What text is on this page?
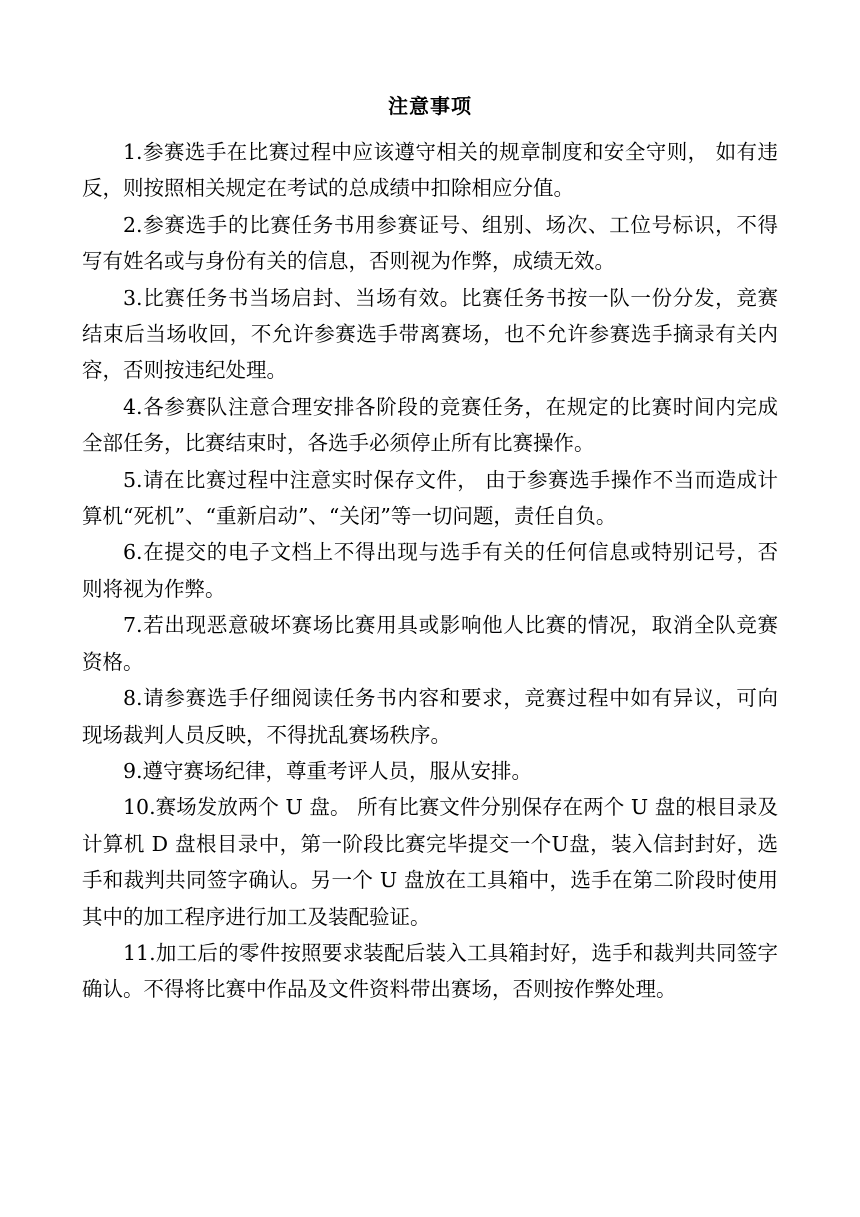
注意事项

1.参赛选手在比赛过程中应该遵守相关的规章制度和安全守则， 如有违反，则按照相关规定在考试的总成绩中扣除相应分值。

2.参赛选手的比赛任务书用参赛证号、组别、场次、工位号标识，不得写有姓名或与身份有关的信息，否则视为作弊，成绩无效。

3.比赛任务书当场启封、当场有效。比赛任务书按一队一份分发，竞赛结束后当场收回，不允许参赛选手带离赛场，也不允许参赛选手摘录有关内容，否则按违纪处理。

4.各参赛队注意合理安排各阶段的竞赛任务，在规定的比赛时间内完成全部任务，比赛结束时，各选手必须停止所有比赛操作。

5.请在比赛过程中注意实时保存文件， 由于参赛选手操作不当而造成计算机“死机”、“重新启动”、“关闭”等一切问题，责任自负。

6.在提交的电子文档上不得出现与选手有关的任何信息或特别记号，否则将视为作弊。

7.若出现恶意破坏赛场比赛用具或影响他人比赛的情况，取消全队竞赛资格。

8.请参赛选手仔细阅读任务书内容和要求，竞赛过程中如有异议，可向现场裁判人员反映，不得扰乱赛场秩序。

9.遵守赛场纪律，尊重考评人员，服从安排。

10.赛场发放两个 U 盘。 所有比赛文件分别保存在两个 U 盘的根目录及计算机 D 盘根目录中，第一阶段比赛完毕提交一个U盘，装入信封封好，选手和裁判共同签字确认。另一个 U 盘放在工具箱中，选手在第二阶段时使用其中的加工程序进行加工及装配验证。

11.加工后的零件按照要求装配后装入工具箱封好，选手和裁判共同签字确认。不得将比赛中作品及文件资料带出赛场，否则按作弊处理。
